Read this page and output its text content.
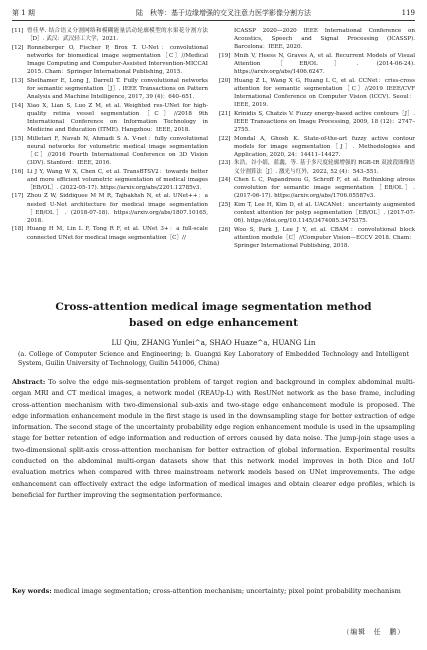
第 1 期	陆　秋等：基于边缘增强的交叉注意力医学影像分割方法	119
[11] 曾佳华. 结合语义分割网络和模糊能量活动轮廓模型的水果花分割方法［D］. 武汉：武汉轻工大学，2021.
[12] Ronneberger O, Fischer P, Brox T. U-Net：convolutional networks for biomedical image segmentation［C］//Medical Image Computing and Computer-Assisted Intervention-MICCAI 2015. Cham：Springer International Publishing, 2015.
[13] Shelhamer E, Long J, Darrell T. Fully convolutional networks for semantic segmentation［J］. IEEE Transactions on Pattern Analysis and Machine Intelligence, 2017, 39 (4)：640–651.
[14] Xiao X, Lian S, Luo Z M, et al. Weighted res-UNet for high-quality retina vessel segmentation［C］//2018 9th International Conference on Information Technology in Medicine and Education (ITME). Hangzhou：IEEE, 2018.
[15] Milletari F, Navab N, Ahmadi S A. V-net：fully convolutional neural networks for volumetric medical image segmentation［C］//2016 Fourth International Conference on 3D Vision (3DV). Stanford：IEEE, 2016.
[16] Li J Y, Wang W X, Chen C, et al. TransBTSV2：towards better and more efficient volumetric segmentation of medical images［EB/OL］. (2022-05-17). https://arxiv.org/abs/2201.12785v3.
[17] Zhou Z W, Siddiquee M M R, Tajbakhsh N, et al. UNet++：a nested U-Net architecture for medical image segmentation［EB/OL］. (2018-07-18). https://arxiv.org/abs/1807.10165, 2018.
[18] Huang H M, Lin L F, Tong R F, et al. UNet 3+：a full-scale connected UNet for medical image segmentation［C］//
ICASSP 2020—2020 IEEE International Conference on Acoustics, Speech and Signal Processing (ICASSP). Barcelona：IEEE, 2020.
[19] Mnih V, Heess N, Graves A, et al. Recurrent Models of Visual Attention［EB/OL］. (2014-06-24). https://arxiv.org/abs/1406.6247.
[20] Huang Z L, Wang X G, Huang L C, et al. CCNet：criss-cross attention for semantic segmentation［C］//2019 IEEE/CVF International Conference on Computer Vision (ICCV). Seoul：IEEE, 2019.
[21] Krinidis S, Chatzis V. Fuzzy energy-based active contours［J］. IEEE Transactions on Image Processing, 2009, 18 (12)：2747–2755.
[22] Mondal A, Ghosh K. State-of-the-art fuzzy active contour models for image segmentation［J］. Methodologies and Application, 2020, 24：14411–14427.
[23] 朱浩，谷小婧，蓝鑫，等. 基于多尺度轮廓增强的 RGB-IR 双波段图像语义分割算法［J］. 激光与红外，2022, 52 (4)：543–551.
[24] Chen L C, Papandreou G, Schroff F, et al. Rethinking atrous convolution for semantic image segmentation［EB/OL］. (2017-06-17). https://arxiv.org/abs/1706.05587v3.
[25] Kim T, Lee H, Kim D, et al. UACANet：uncertainty augmented context attention for polyp segmentation［EB/OL］. (2017-07-06). https://doi.org/10.1145/3474085.3475375.
[26] Woo S, Park J, Lee J Y, et al. CBAM：convolutional block attention module［C］//Computer Vision—ECCV 2018. Cham：Springer International Publishing, 2018.
Cross-attention medical image segmentation method
based on edge enhancement
LU Qiu, ZHANG Yunlei^a, SHAO Huaze^a, HUANG Lin
(a. College of Computer Science and Engineering; b. Guangxi Key Laboratory of Embedded Technology and Intelligent System, Guilin University of Technology, Guilin 541006, China)
Abstract: To solve the edge mis-segmentation problem of target region and background in complex abdominal multi-organ MRI and CT medical images, a network model (REAUp-L) with ResUNet network as the base frame, including cross-attention mechanism with two-dimensional sub-axis and two-stage edge enhancement module is proposed. The edge information enhancement module in the first stage is used in the downsampling stage for better extraction of edge information. The second stage of the uncertainty probability edge region enhancement module is used in the upsampling stage for better retention of edge information and reduction of errors caused by data noise. The jump-join stage uses a two-dimensional split-axis cross-attention mechanism for better extraction of global information. Experimental results conducted on the abdominal multi-organ datasets show that this network model improves in both Dice and IoU evaluation metrics when compared with three mainstream network models based on UNet improvements. The edge enhancement can effectively extract the edge information of medical images and obtain clearer edge profiles, which is beneficial for further improving the segmentation performance.
Key words: medical image segmentation; cross-attention mechanism; uncertainty; pixel point probability mechanism
（编辑　任　鹏）
